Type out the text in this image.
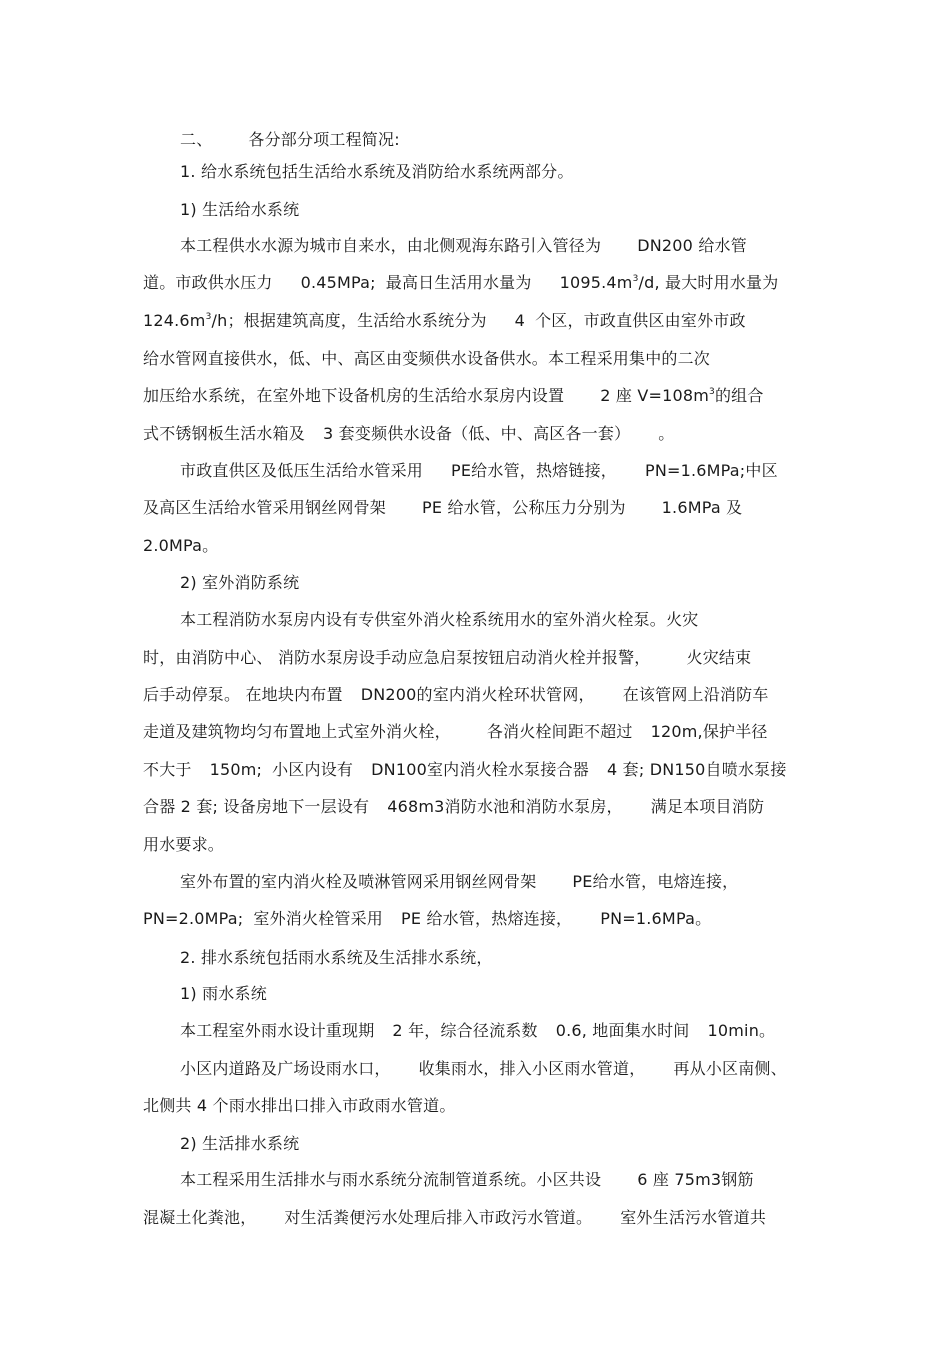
二、 各分部分项工程简况:
1. 给水系统包括生活给水系统及消防给水系统两部分。
1) 生活给水系统
本工程供水水源为城市自来水，由北侧观海东路引入管径为 DN200 给水管
道。市政供水压力 0.45MPa; 最高日生活用水量为 $1095.4m^3/d$, 最大时用水量为
$124.6m^3/h$；根据建筑高度，生活给水系统分为 4 个区，市政直供区由室外市政
给水管网直接供水，低、中、高区由变频供水设备供水。本工程采用集中的二次
加压给水系统，在室外地下设备机房的生活给水泵房内设置 2 座 $V=108m^3$的组合
式不锈钢板生活水箱及 3 套变频供水设备（低、中、高区各一套） 。
市政直供区及低压生活给水管采用 PE给水管，热熔链接， PN=1.6MPa;中区
及高区生活给水管采用钢丝网骨架 PE 给水管，公称压力分别为 1.6MPa 及
2.0MPa。
2) 室外消防系统
本工程消防水泵房内设有专供室外消火栓系统用水的室外消火栓泵。火灾
时，由消防中心、 消防水泵房设手动应急启泵按钮启动消火栓并报警， 火灾结束
后手动停泵。 在地块内布置 DN200的室内消火栓环状管网， 在该管网上沿消防车
走道及建筑物均匀布置地上式室外消火栓， 各消火栓间距不超过 120m,保护半径
不大于 150m; 小区内设有 DN100室内消火栓水泵接合器 4 套; DN150自喷水泵接
合器 2 套; 设备房地下一层设有 468m3消防水池和消防水泵房， 满足本项目消防
用水要求。
室外布置的室内消火栓及喷淋管网采用钢丝网骨架 PE给水管，电熔连接，
PN=2.0MPa; 室外消火栓管采用 PE 给水管，热熔连接， PN=1.6MPa。
2. 排水系统包括雨水系统及生活排水系统，
1) 雨水系统
本工程室外雨水设计重现期 2 年，综合径流系数 0.6, 地面集水时间 10min。
小区内道路及广场设雨水口， 收集雨水，排入小区雨水管道， 再从小区南侧、
北侧共 4 个雨水排出口排入市政雨水管道。
2) 生活排水系统
本工程采用生活排水与雨水系统分流制管道系统。小区共设 6 座 75m3钢筋
混凝土化粪池， 对生活粪便污水处理后排入市政污水管道。 室外生活污水管道共
